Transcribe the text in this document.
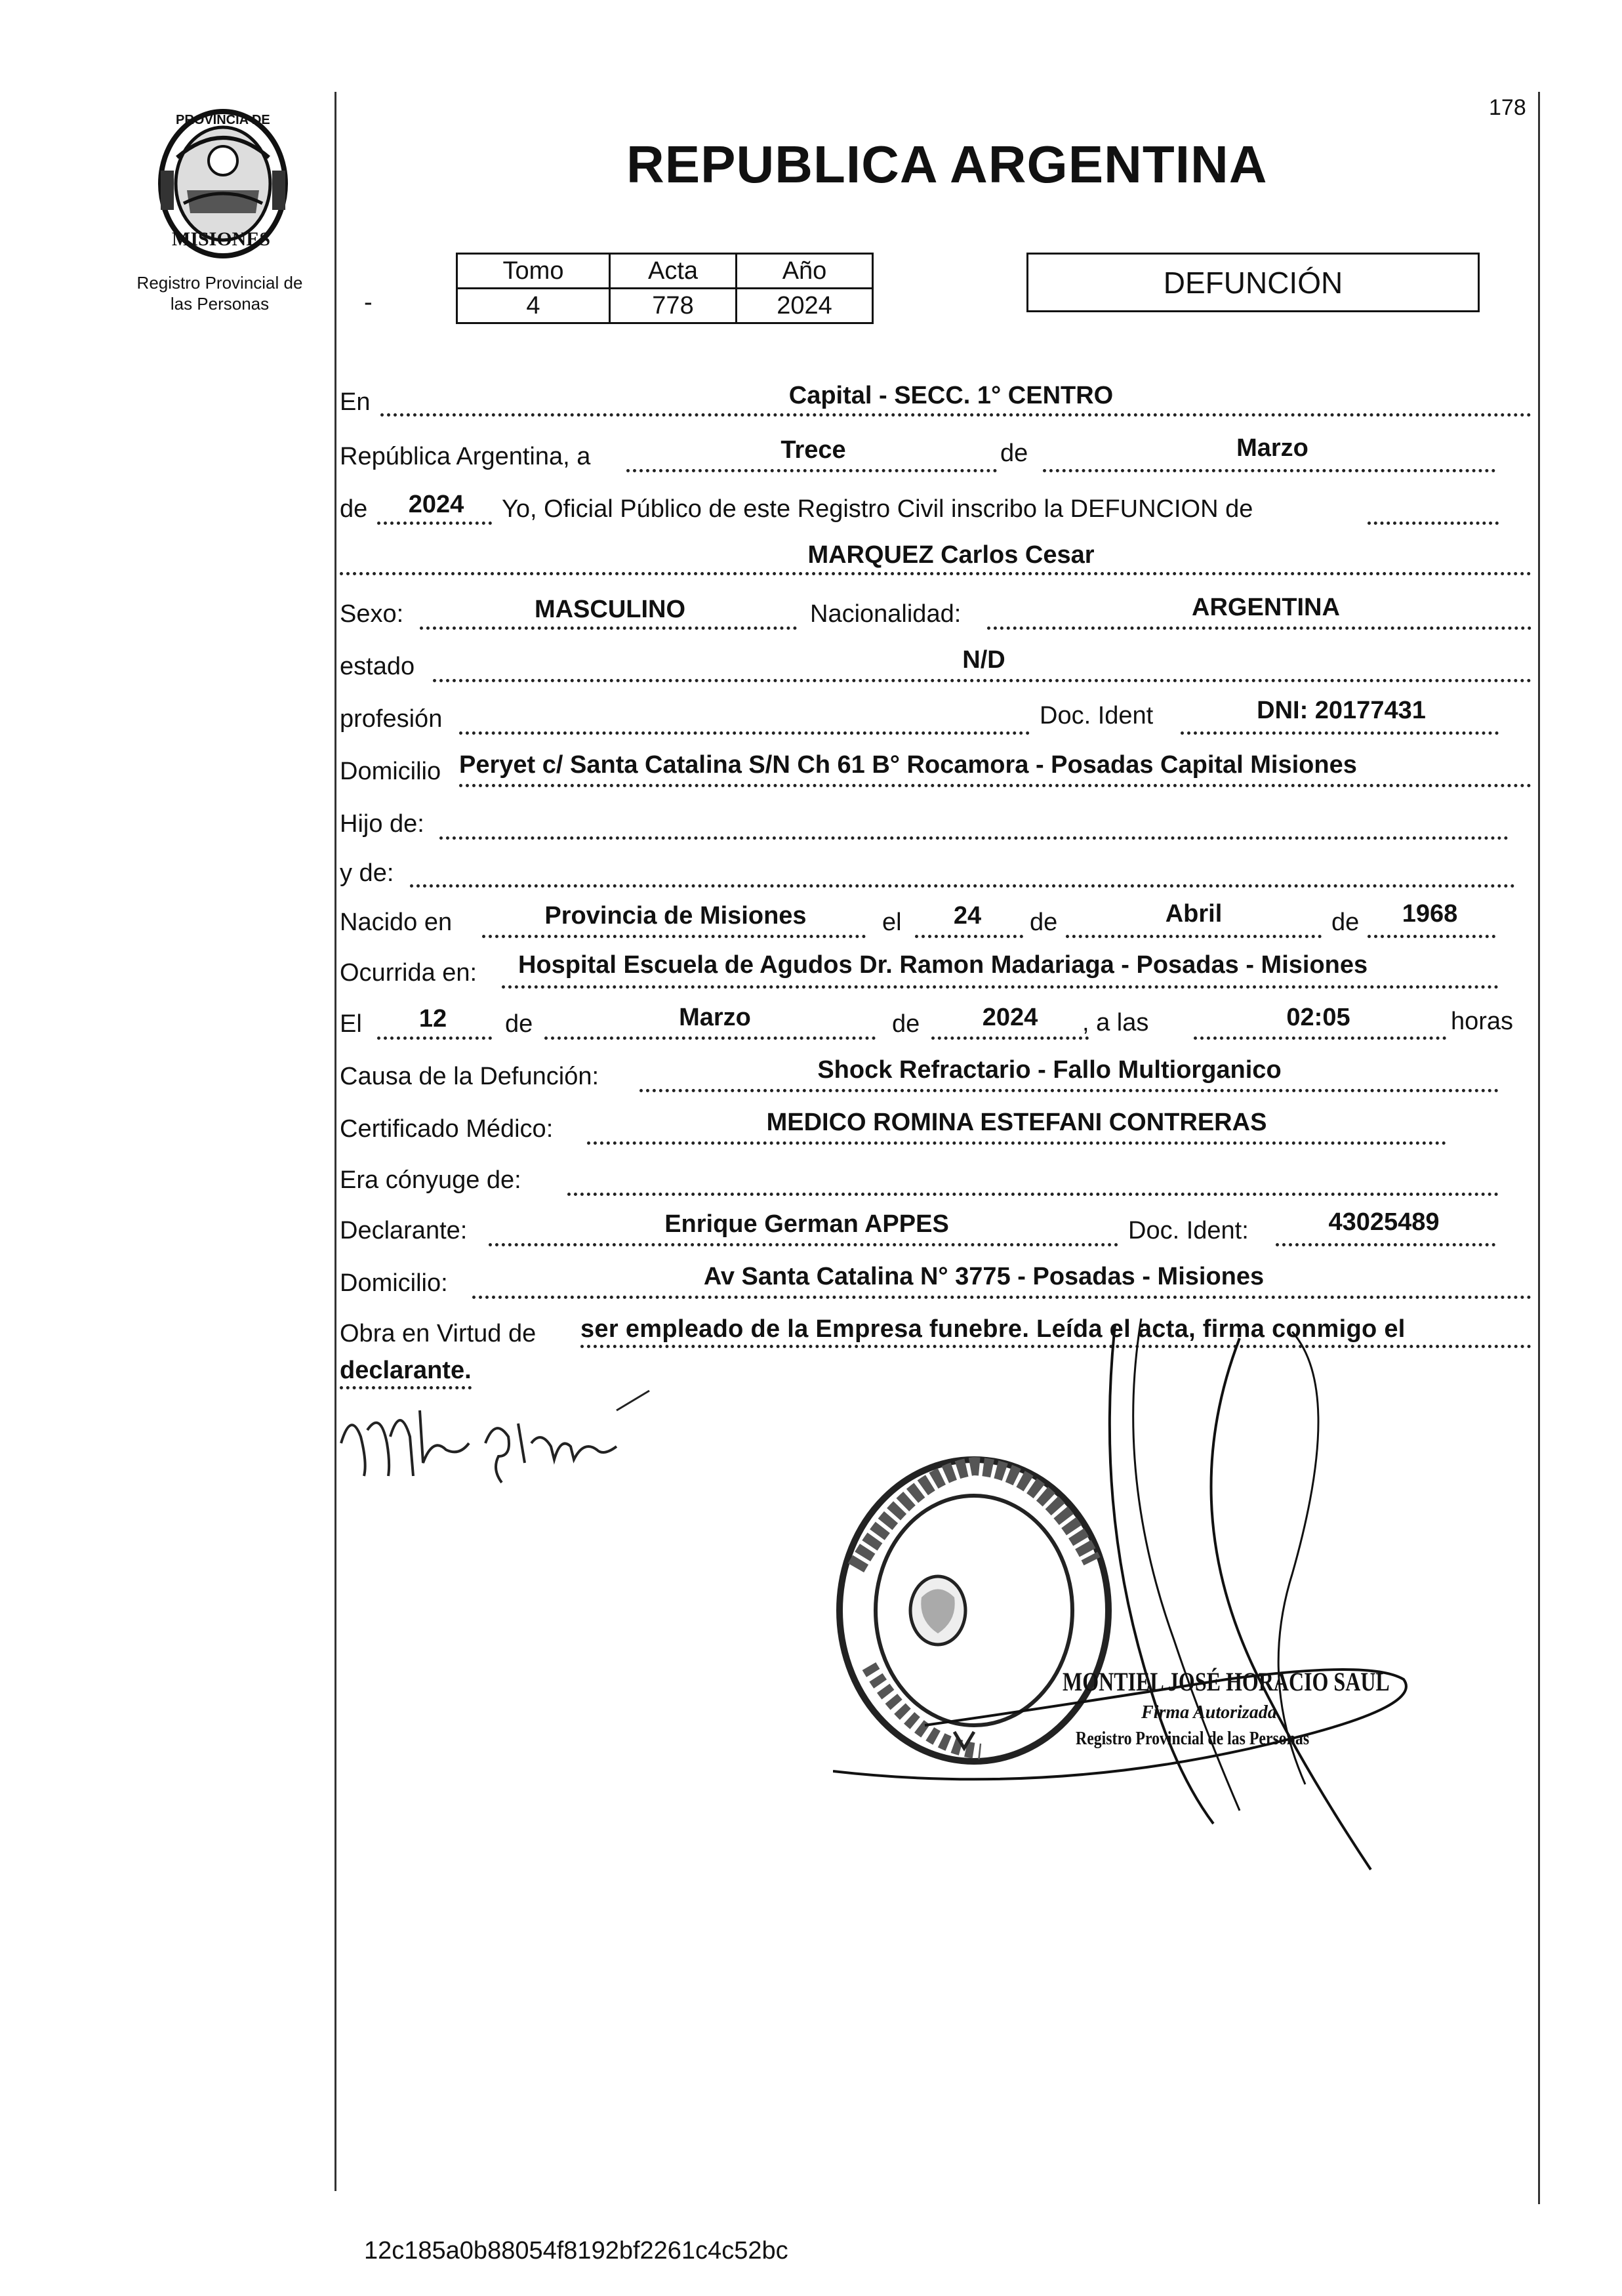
PROVINCIA DE
MISIONES
Registro Provincial de
las Personas
178
REPUBLICA ARGENTINA
Tomo	Acta	Año
4	778	2024
-
DEFUNCIÓN
En	Capital - SECC. 1° CENTRO
República Argentina, a	Trece	de	Marzo
de	2024	Yo, Oficial Público de este Registro Civil inscribo la DEFUNCION de
MARQUEZ Carlos Cesar
Sexo:	MASCULINO	Nacionalidad:	ARGENTINA
estado	N/D
profesión	Doc. Ident	DNI: 20177431
Domicilio Peryet c/ Santa Catalina S/N Ch 61 B° Rocamora - Posadas Capital Misiones
Hijo de:
y de:
Nacido en	Provincia de Misiones	el	24	de	Abril	de	1968
Ocurrida en: Hospital Escuela de Agudos Dr. Ramon Madariaga - Posadas - Misiones
El	12	de	Marzo	de	2024	, a las	02:05	horas
Causa de la Defunción:	Shock Refractario - Fallo Multiorganico
Certificado Médico:	MEDICO ROMINA ESTEFANI CONTRERAS
Era cónyuge de:
Declarante:	Enrique German APPES	Doc. Ident:	43025489
Domicilio:	Av Santa Catalina N° 3775 - Posadas - Misiones
Obra en Virtud de ser empleado de la Empresa funebre. Leída el acta, firma conmigo el
declarante.
MONTIEL JOSÉ HORACIO SAUL
Firma Autorizada
Registro Provincial de las Personas
12c185a0b88054f8192bf2261c4c52bc
